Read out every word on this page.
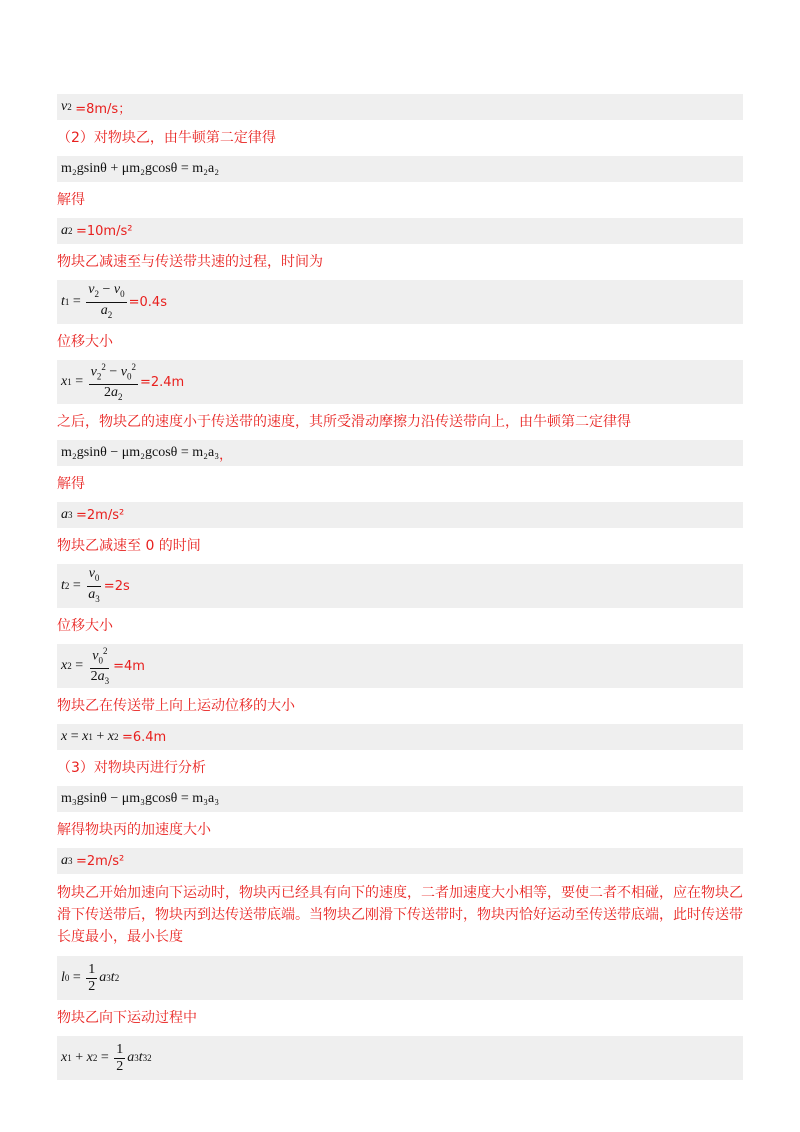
v 2
=8m/s；
（2）对物块乙，由牛顿第二定律得
m₂gsinθ + μm₂gcosθ = m₂a₂
解得
a 2
=10m/s²
物块乙减速至与传送带共速的过程，时间为
t $1 = \frac{v_2 - v_0}{a_2} =0.4s$
位移大小
x $1 = \frac{v_2^2 - v_0^2}{2a_2} =2.4m$
之后，物块乙的速度小于传送带的速度，其所受滑动摩擦力沿传送带向上，由牛顿第二定律得
m₂gsinθ − μm₂gcosθ = m₂a₃ ，
解得
a 3
=2m/s²
物块乙减速至 0 的时间
t $2 = \frac{v_0}{a_3} =2s$
位移大小
x $2 = \frac{v_0^2}{2a_3} =4m$
物块乙在传送带上向上运动位移的大小
x = x 1 + x 2
=6.4m
（3）对物块丙进行分析
m₃gsinθ − μm₃gcosθ = m₃a₃
解得物块丙的加速度大小
a 3
=2m/s²
物块乙开始加速向下运动时，物块丙已经具有向下的速度，二者加速度大小相等，要使二者不相碰，应在物块乙滑下传送带后，物块丙到达传送带底端。当物块乙刚滑下传送带时，物块丙恰好运动至传送带底端，此时传送带长度最小，最小长度
l $0 = \frac{1}{2}$ a 3 t 2
物块乙向下运动过程中
x 1 + x $2 = \frac{1}{2}$ a 3 t 3 2
